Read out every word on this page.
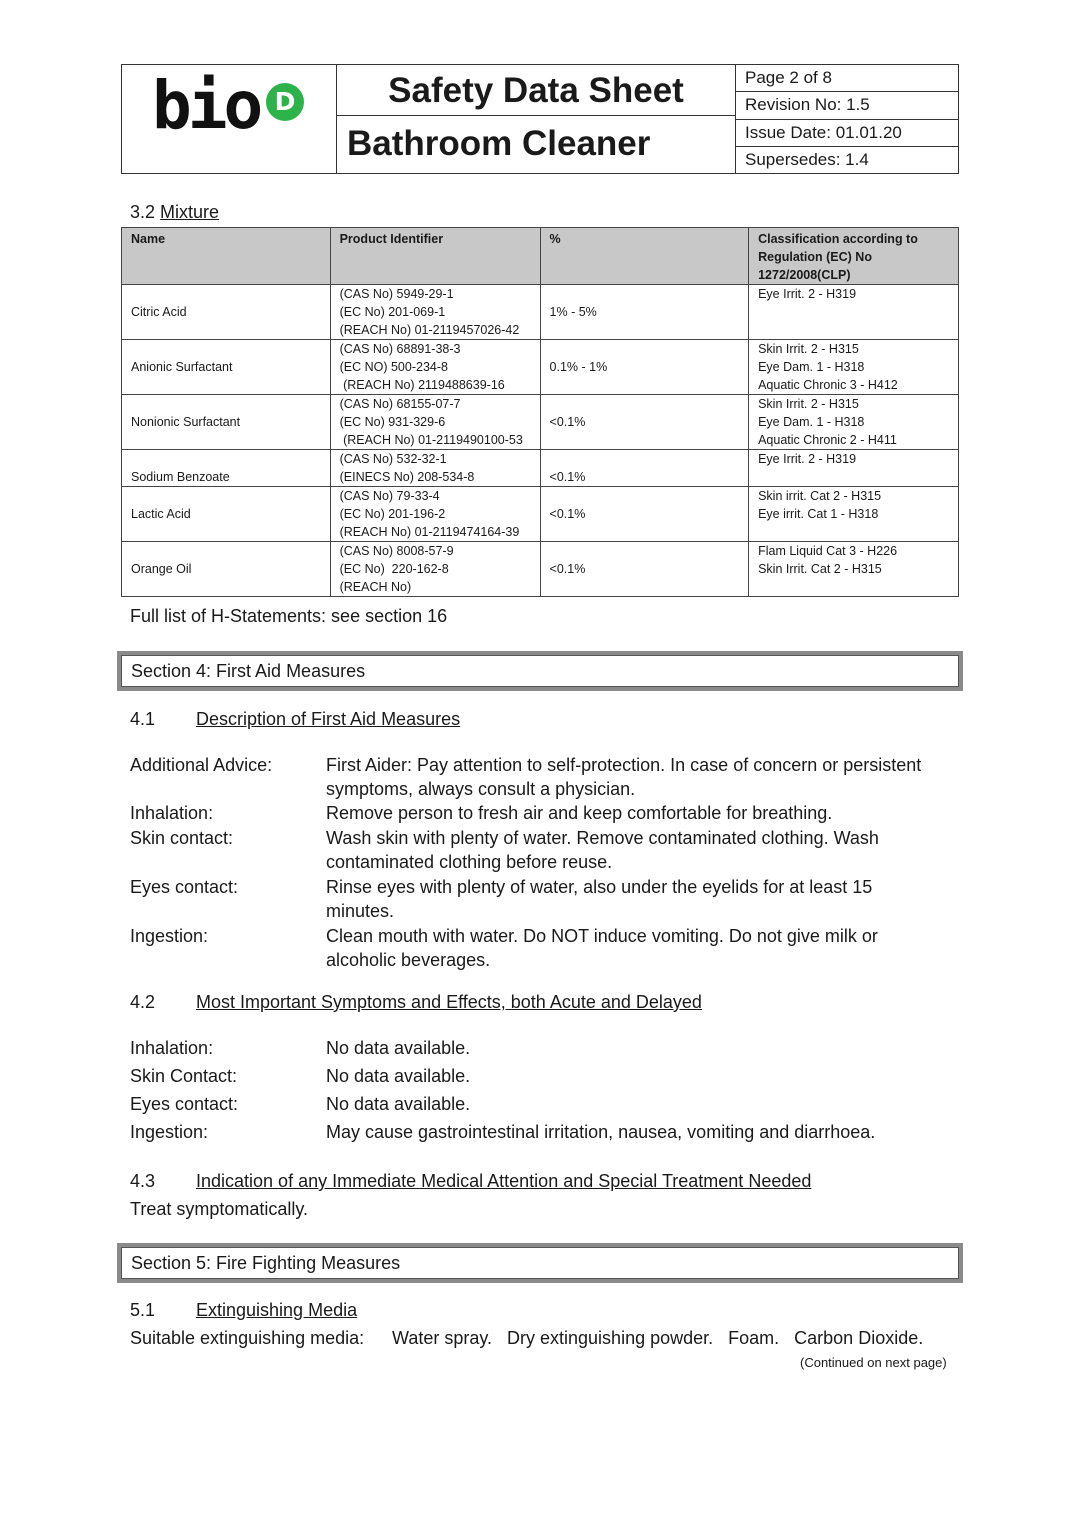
bio D	Safety Data Sheet
Bathroom Cleaner
Page 2 of 8
Revision No: 1.5
Issue Date: 01.01.20
Supersedes: 1.4
3.2 Mixture
Name	Product Identifier	%	Classification according to
Regulation (EC) No
1272/2008(CLP)

Citric Acid	(CAS No) 5949-29-1
(EC No) 201-069-1
(REACH No) 01-2119457026-42	1% - 5%	Eye Irrit. 2 - H319

Anionic Surfactant	(CAS No) 68891-38-3
(EC NO) 500-234-8
(REACH No) 2119488639-16	0.1% - 1%	Skin Irrit. 2 - H315
Eye Dam. 1 - H318
Aquatic Chronic 3 - H412

Nonionic Surfactant	(CAS No) 68155-07-7
(EC No) 931-329-6
(REACH No) 01-2119490100-53	<0.1%	Skin Irrit. 2 - H315
Eye Dam. 1 - H318
Aquatic Chronic 2 - H411

Sodium Benzoate	(CAS No) 532-32-1
(EINECS No) 208-534-8	<0.1%	Eye Irrit. 2 - H319

Lactic Acid	(CAS No) 79-33-4
(EC No) 201-196-2
(REACH No) 01-2119474164-39	<0.1%	Skin irrit. Cat 2 - H315
Eye irrit. Cat 1 - H318

Orange Oil	(CAS No) 8008-57-9
(EC No)  220-162-8
(REACH No)	<0.1%	Flam Liquid Cat 3 - H226
Skin Irrit. Cat 2 - H315
Full list of H-Statements: see section 16
Section 4: First Aid Measures
4.1 Description of First Aid Measures
Additional Advice:	First Aider: Pay attention to self-protection. In case of concern or persistent symptoms, always consult a physician.
Inhalation:	Remove person to fresh air and keep comfortable for breathing.
Skin contact:	Wash skin with plenty of water. Remove contaminated clothing. Wash contaminated clothing before reuse.
Eyes contact:	Rinse eyes with plenty of water, also under the eyelids for at least 15 minutes.
Ingestion:	Clean mouth with water. Do NOT induce vomiting. Do not give milk or alcoholic beverages.
4.2 Most Important Symptoms and Effects, both Acute and Delayed
Inhalation:	No data available.
Skin Contact:	No data available.
Eyes contact:	No data available.
Ingestion:	May cause gastrointestinal irritation, nausea, vomiting and diarrhoea.
4.3 Indication of any Immediate Medical Attention and Special Treatment Needed
Treat symptomatically.
Section 5: Fire Fighting Measures
5.1 Extinguishing Media
Suitable extinguishing media: Water spray.   Dry extinguishing powder.   Foam.   Carbon Dioxide.
(Continued on next page)
